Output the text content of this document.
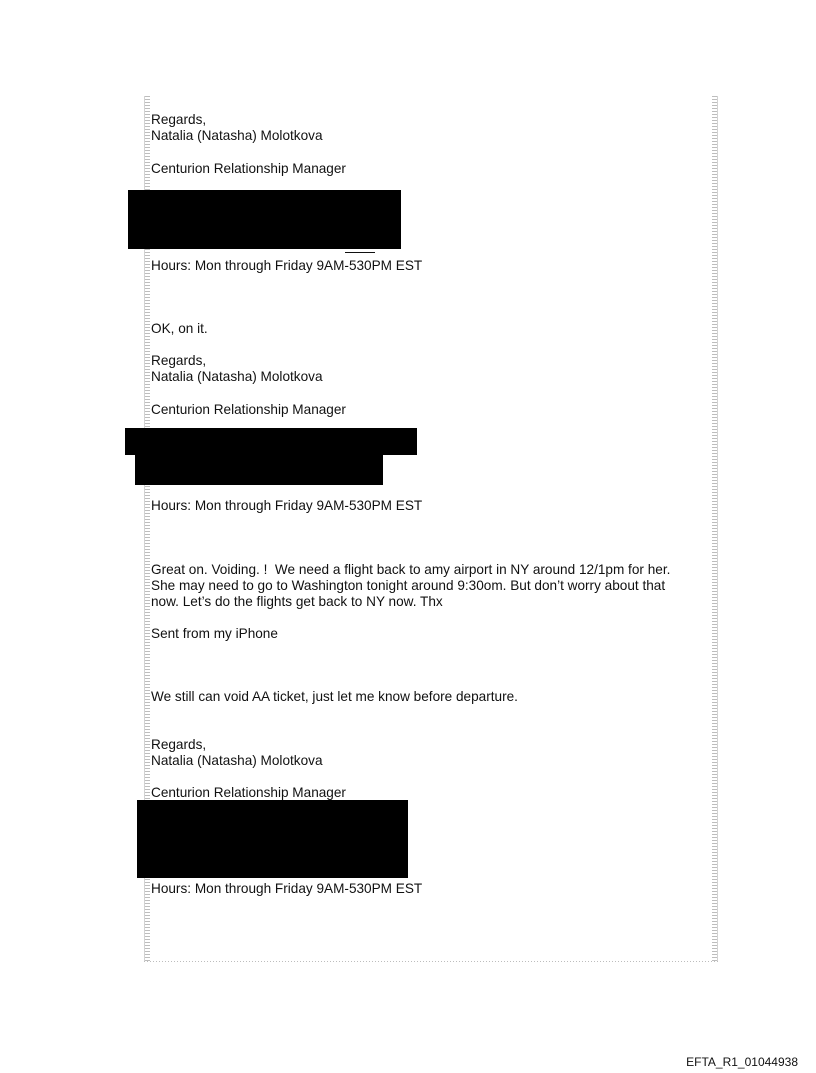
Regards,

Natalia (Natasha) Molotkova

Centurion Relationship Manager

Hours: Mon through Friday 9AM-530PM EST

OK, on it.

Regards,

Natalia (Natasha) Molotkova

Centurion Relationship Manager

Hours: Mon through Friday 9AM-530PM EST

Great on. Voiding. !  We need a flight back to amy airport in NY around 12/1pm for her.

She may need to go to Washington tonight around 9:30om. But don’t worry about that

now. Let’s do the flights get back to NY now. Thx

Sent from my iPhone

We still can void AA ticket, just let me know before departure.

Regards,

Natalia (Natasha) Molotkova

Centurion Relationship Manager

Hours: Mon through Friday 9AM-530PM EST

EFTA_R1_01044938
